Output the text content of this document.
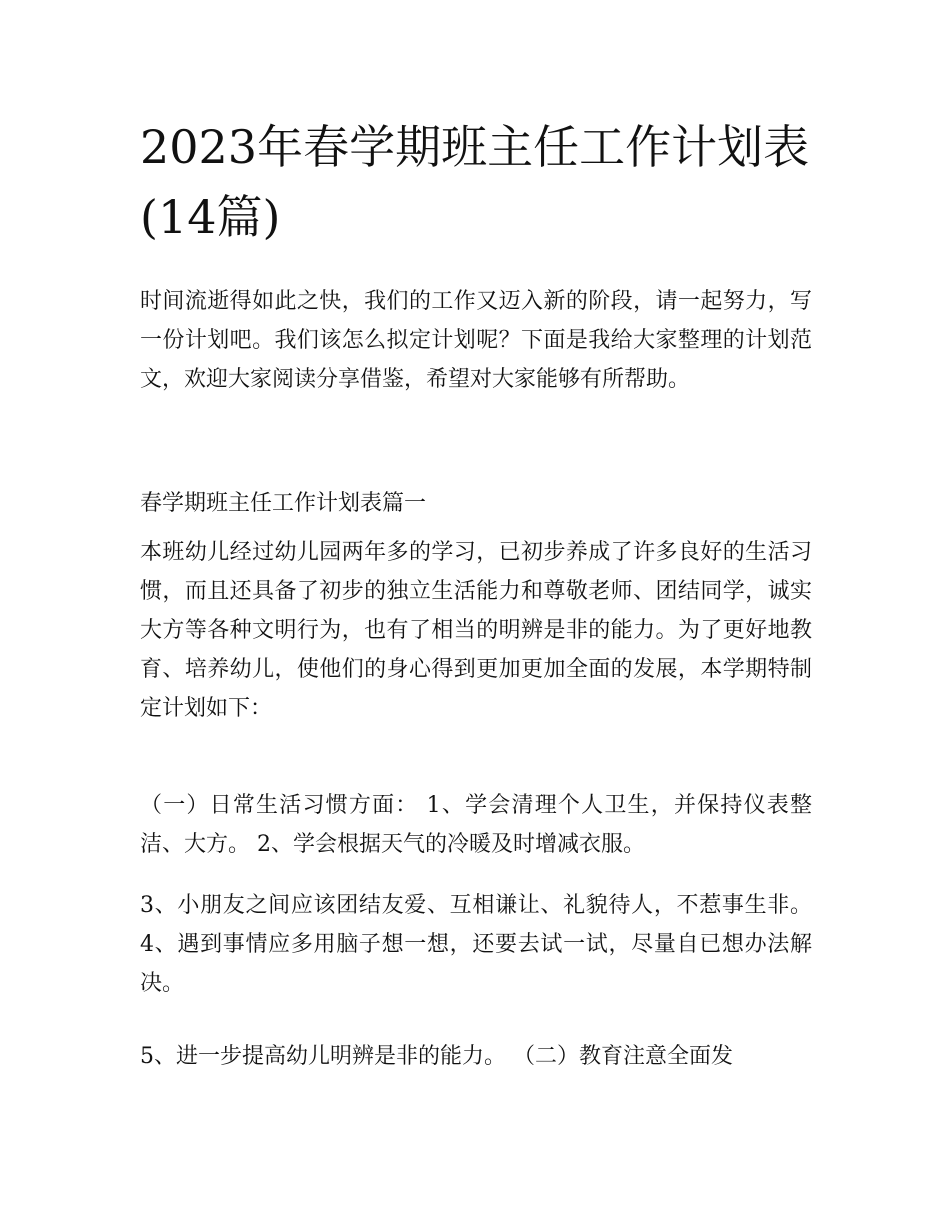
2023年春学期班主任工作计划表(14篇)

时间流逝得如此之快，我们的工作又迈入新的阶段，请一起努力，写一份计划吧。我们该怎么拟定计划呢？下面是我给大家整理的计划范文，欢迎大家阅读分享借鉴，希望对大家能够有所帮助。

春学期班主任工作计划表篇一

本班幼儿经过幼儿园两年多的学习，已初步养成了许多良好的生活习惯，而且还具备了初步的独立生活能力和尊敬老师、团结同学，诚实大方等各种文明行为，也有了相当的明辨是非的能力。为了更好地教育、培养幼儿，使他们的身心得到更加更加全面的发展，本学期特制定计划如下：

（一）日常生活习惯方面： 1、学会清理个人卫生，并保持仪表整洁、大方。 2、学会根据天气的冷暖及时增减衣服。

3、小朋友之间应该团结友爱、互相谦让、礼貌待人，不惹事生非。 4、遇到事情应多用脑子想一想，还要去试一试，尽量自已想办法解决。

5、进一步提高幼儿明辨是非的能力。 （二）教育注意全面发
